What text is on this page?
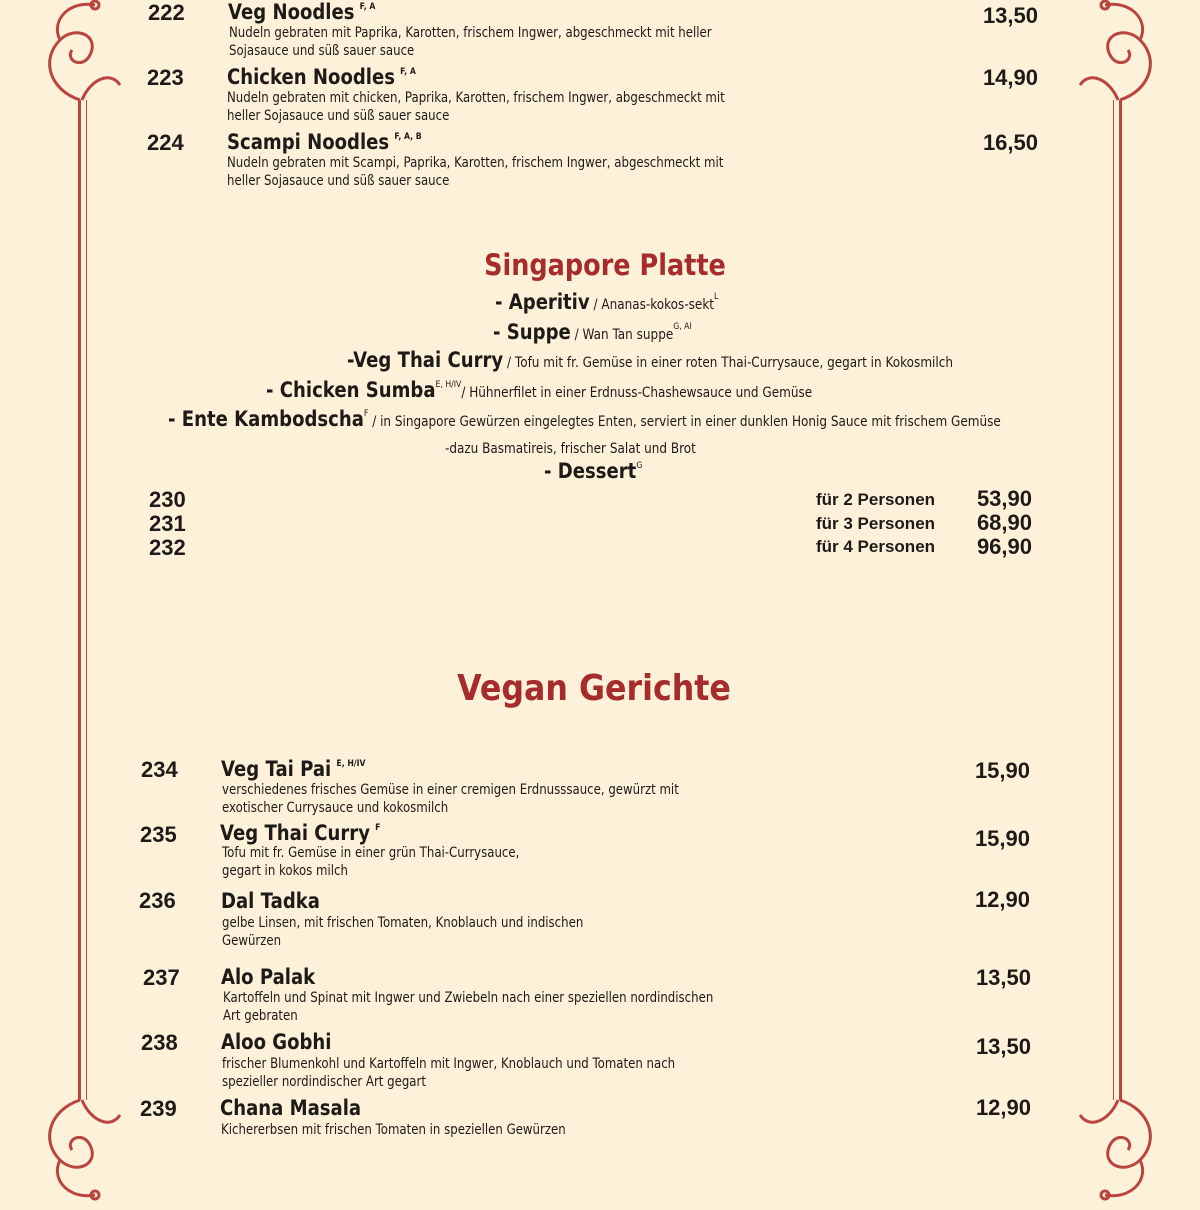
222 Veg Noodles $^{F, A}$
Nudeln gebraten mit Paprika, Karotten, frischem Ingwer, abgeschmeckt mit heller
Sojasauce und süß sauer sauce
13,50
223 Chicken Noodles $^{F, A}$
Nudeln gebraten mit chicken, Paprika, Karotten, frischem Ingwer, abgeschmeckt mit
heller Sojasauce und süß sauer sauce
14,90
224 Scampi Noodles $^{F, A, B}$
Nudeln gebraten mit Scampi, Paprika, Karotten, frischem Ingwer, abgeschmeckt mit
heller Sojasauce und süß sauer sauce
16,50
Singapore Platte
- Aperitiv / Ananas-kokos-sekt$^L$
- Suppe / Wan Tan suppe$^{G, AI}$
-Veg Thai Curry / Tofu mit fr. Gemüse in einer roten Thai-Currysauce, gegart in Kokosmilch
- Chicken Sumba$^{E, H/IV}$/ Hühnerfilet in einer Erdnuss-Chashewsauce und Gemüse
- Ente Kambodscha$^F$ / in Singapore Gewürzen eingelegtes Enten, serviert in einer dunklen Honig Sauce mit frischem Gemüse
-dazu Basmatireis, frischer Salat und Brot
- Dessert$^G$
230	für 2 Personen	53,90
231	für 3 Personen	68,90
232	für 4 Personen	96,90
Vegan Gerichte
234 Veg Tai Pai $^{E, H/IV}$
verschiedenes frisches Gemüse in einer cremigen Erdnusssauce, gewürzt mit
exotischer Currysauce und kokosmilch
15,90
235 Veg Thai Curry $^F$
Tofu mit fr. Gemüse in einer grün Thai-Currysauce,
gegart in kokos milch
15,90
236 Dal Tadka
gelbe Linsen, mit frischen Tomaten, Knoblauch und indischen
Gewürzen
12,90
237 Alo Palak
Kartoffeln und Spinat mit Ingwer und Zwiebeln nach einer speziellen nordindischen
Art gebraten
13,50
238 Aloo Gobhi
frischer Blumenkohl und Kartoffeln mit Ingwer, Knoblauch und Tomaten nach
spezieller nordindischer Art gegart
13,50
239 Chana Masala
Kichererbsen mit frischen Tomaten in speziellen Gewürzen
12,90
